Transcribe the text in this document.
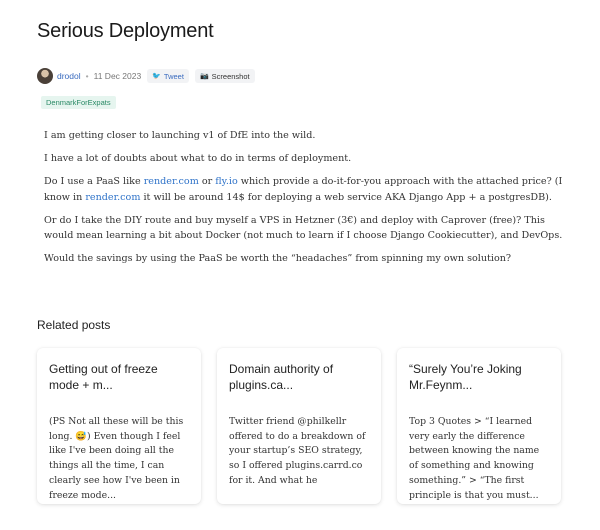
Serious Deployment
drodol • 11 Dec 2023 🐦 Tweet 📷 Screenshot
DenmarkForExpats

I am getting closer to launching v1 of DfE into the wild.

I have a lot of doubts about what to do in terms of deployment.

Do I use a PaaS like render.com or fly.io which provide a do-it-for-you approach with the attached price? (I know in render.com it will be around 14$ for deploying a web service AKA Django App + a postgresDB).

Or do I take the DIY route and buy myself a VPS in Hetzner (3€) and deploy with Caprover (free)? This would mean learning a bit about Docker (not much to learn if I choose Django Cookiecutter), and DevOps.

Would the savings by using the PaaS be worth the “headaches” from spinning my own solution?

Related posts
Getting out of freeze mode + m...
(PS Not all these will be this long. 😅) Even though I feel like I've been doing all the things all the time, I can clearly see how I've been in freeze mode...
Domain authority of plugins.ca...
Twitter friend @philkellr offered to do a breakdown of your startup’s SEO strategy, so I offered plugins.carrd.co for it. And what he
“Surely You’re Joking Mr.Feynm...
Top 3 Quotes > “I learned very early the difference between knowing the name of something and knowing something.” > “The first principle is that you must...
